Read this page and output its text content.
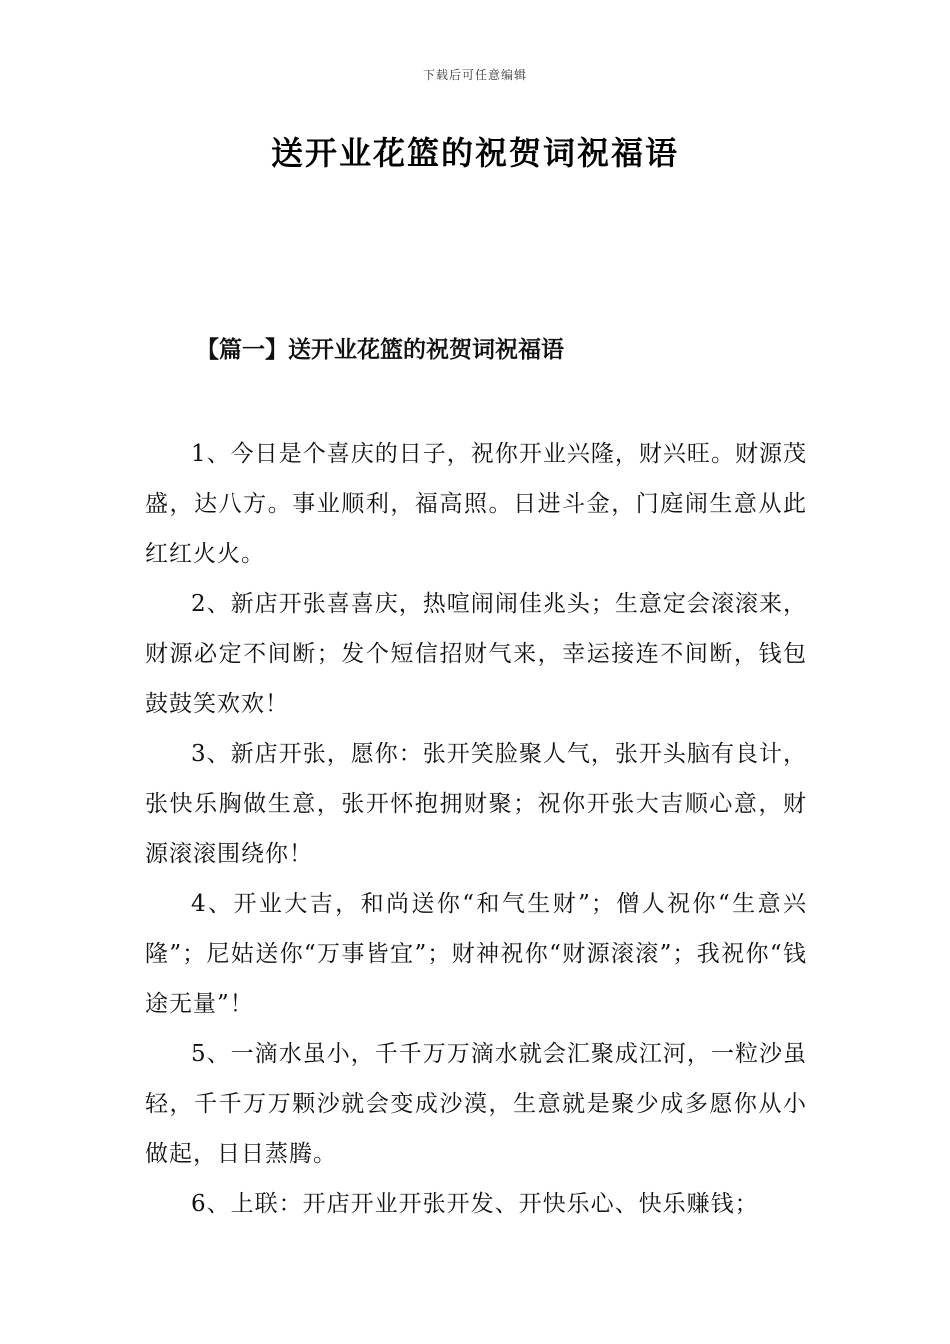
下载后可任意编辑
送开业花篮的祝贺词祝福语
【篇一】送开业花篮的祝贺词祝福语

1、今日是个喜庆的日子，祝你开业兴隆，财兴旺。财源茂盛，达八方。事业顺利，福高照。日进斗金，门庭闹生意从此红红火火。

2、新店开张喜喜庆，热喧闹闹佳兆头；生意定会滚滚来，财源必定不间断；发个短信招财气来，幸运接连不间断，钱包鼓鼓笑欢欢！

3、新店开张，愿你：张开笑脸聚人气，张开头脑有良计，张快乐胸做生意，张开怀抱拥财聚；祝你开张大吉顺心意，财源滚滚围绕你！

4、开业大吉，和尚送你“和气生财”；僧人祝你“生意兴隆”；尼姑送你“万事皆宜”；财神祝你“财源滚滚”；我祝你“钱途无量”！

5、一滴水虽小，千千万万滴水就会汇聚成江河，一粒沙虽轻，千千万万颗沙就会变成沙漠，生意就是聚少成多愿你从小做起，日日蒸腾。

6、上联：开店开业开张开发、开快乐心、快乐赚钱；
